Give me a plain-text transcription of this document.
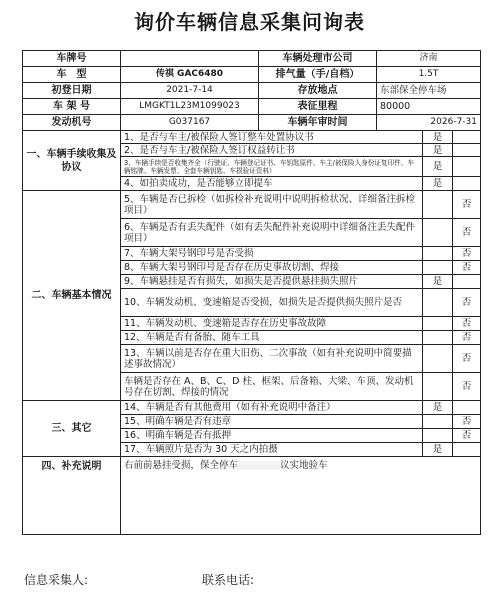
询价车辆信息采集问询表
车牌号		车辆处理市公司	济南
车　型	传祺 GAC6480	排气量（手/自档）	1.5T
初登日期	2021-7-14	存放地点	东部保全停车场
车 架 号	LMGKT1L23M1099023	表征里程	80000
发动机号	G037167	车辆年审时间	2026-7-31
一、车辆手续收集及协议	1、是否与车主/被保险人签订整车处置协议书	是	
	2、是否与车主/被保险人签订权益转让书	是	
	3、车辆手续是否收集齐全（行驶证、车辆登记证书、车钥匙原件、车主/被保险人身份证复印件、车辆铭牌、车辆发票、全套车辆钥匙、车损验证资料）	是	
	4、如拍卖成功，是否能够立即提车	是	
二、车辆基本情况	5、车辆是否已拆检（如拆检补充说明中说明拆检状况、详细备注拆检项目）		否
	6、车辆是否有丢失配件（如有丢失配件补充说明中详细备注丢失配件项目）		否
	7、车辆大架号钢印号是否受损		否
	8、车辆大架号钢印号是否存在历史事故切割、焊接		否
	9、车辆悬挂是否有损失，如损失是否提供悬挂损失照片	是	
	10、车辆发动机、变速箱是否受损，如损失是否提供损失照片是否		否
	11、车辆发动机、变速箱是否存在历史事故故障		否
	12、车辆是否有备胎、随车工具		否
	13、车辆以前是否存在重大旧伤、二次事故（如有补充说明中简要描述事故情况）		否
	车辆是否存在 A、B、C、D 柱、框架、后备箱、大梁、车顶、发动机号存在切割、焊接的情况		否
三、其它	14、车辆是否有其他费用（如有补充说明中备注）	是	
	15、明确车辆是否有违章		否
	16、明确车辆是否有抵押		否
	17、车辆照片是否为 30 天之内拍摄	是	
四、补充说明	右前前悬挂受损，保全停车 议实地验车		
信息采集人:	联系电话:
